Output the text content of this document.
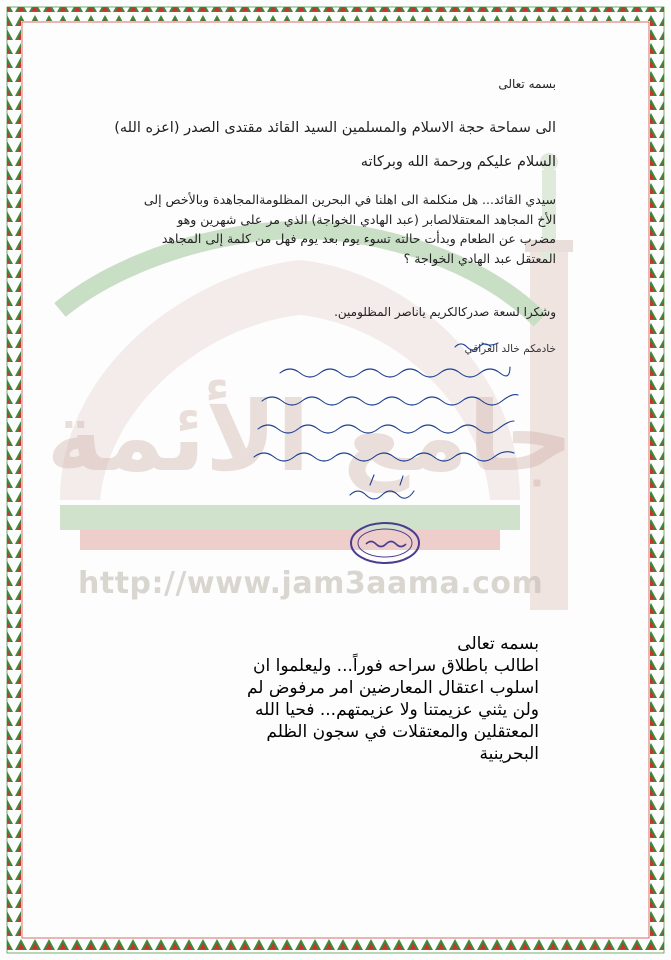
جامع الأئمة
http://www.jam3aama.com
بسمه تعالى
الى سماحة حجة الاسلام والمسلمين السيد القائد مقتدى الصدر (اعزه الله)
السلام عليكم ورحمة الله وبركاته
سيدي القائد... هل منكلمة الى اهلنا في البحرين المظلومةالمجاهدة وبالأخص إلى
الأخ المجاهد المعتقلالصابر (عبد الهادي الخواجة) الذي مر على شهرين وهو
مضرب عن الطعام وبدأت حالته تسوء يوم بعد يوم فهل من كلمة إلى المجاهد
المعتقل عبد الهادي الخواجة ؟
وشكرا لسعة صدركالكريم ياناصر المظلومين.
خادمكم خالد العراقي
بسمه تعالى
اطالب باطلاق سراحه فوراً... وليعلموا ان
اسلوب اعتقال المعارضين امر مرفوض لم
ولن يثني عزيمتنا ولا عزيمتهم... فحيا الله
المعتقلين والمعتقلات في سجون الظلم
البحرينية
